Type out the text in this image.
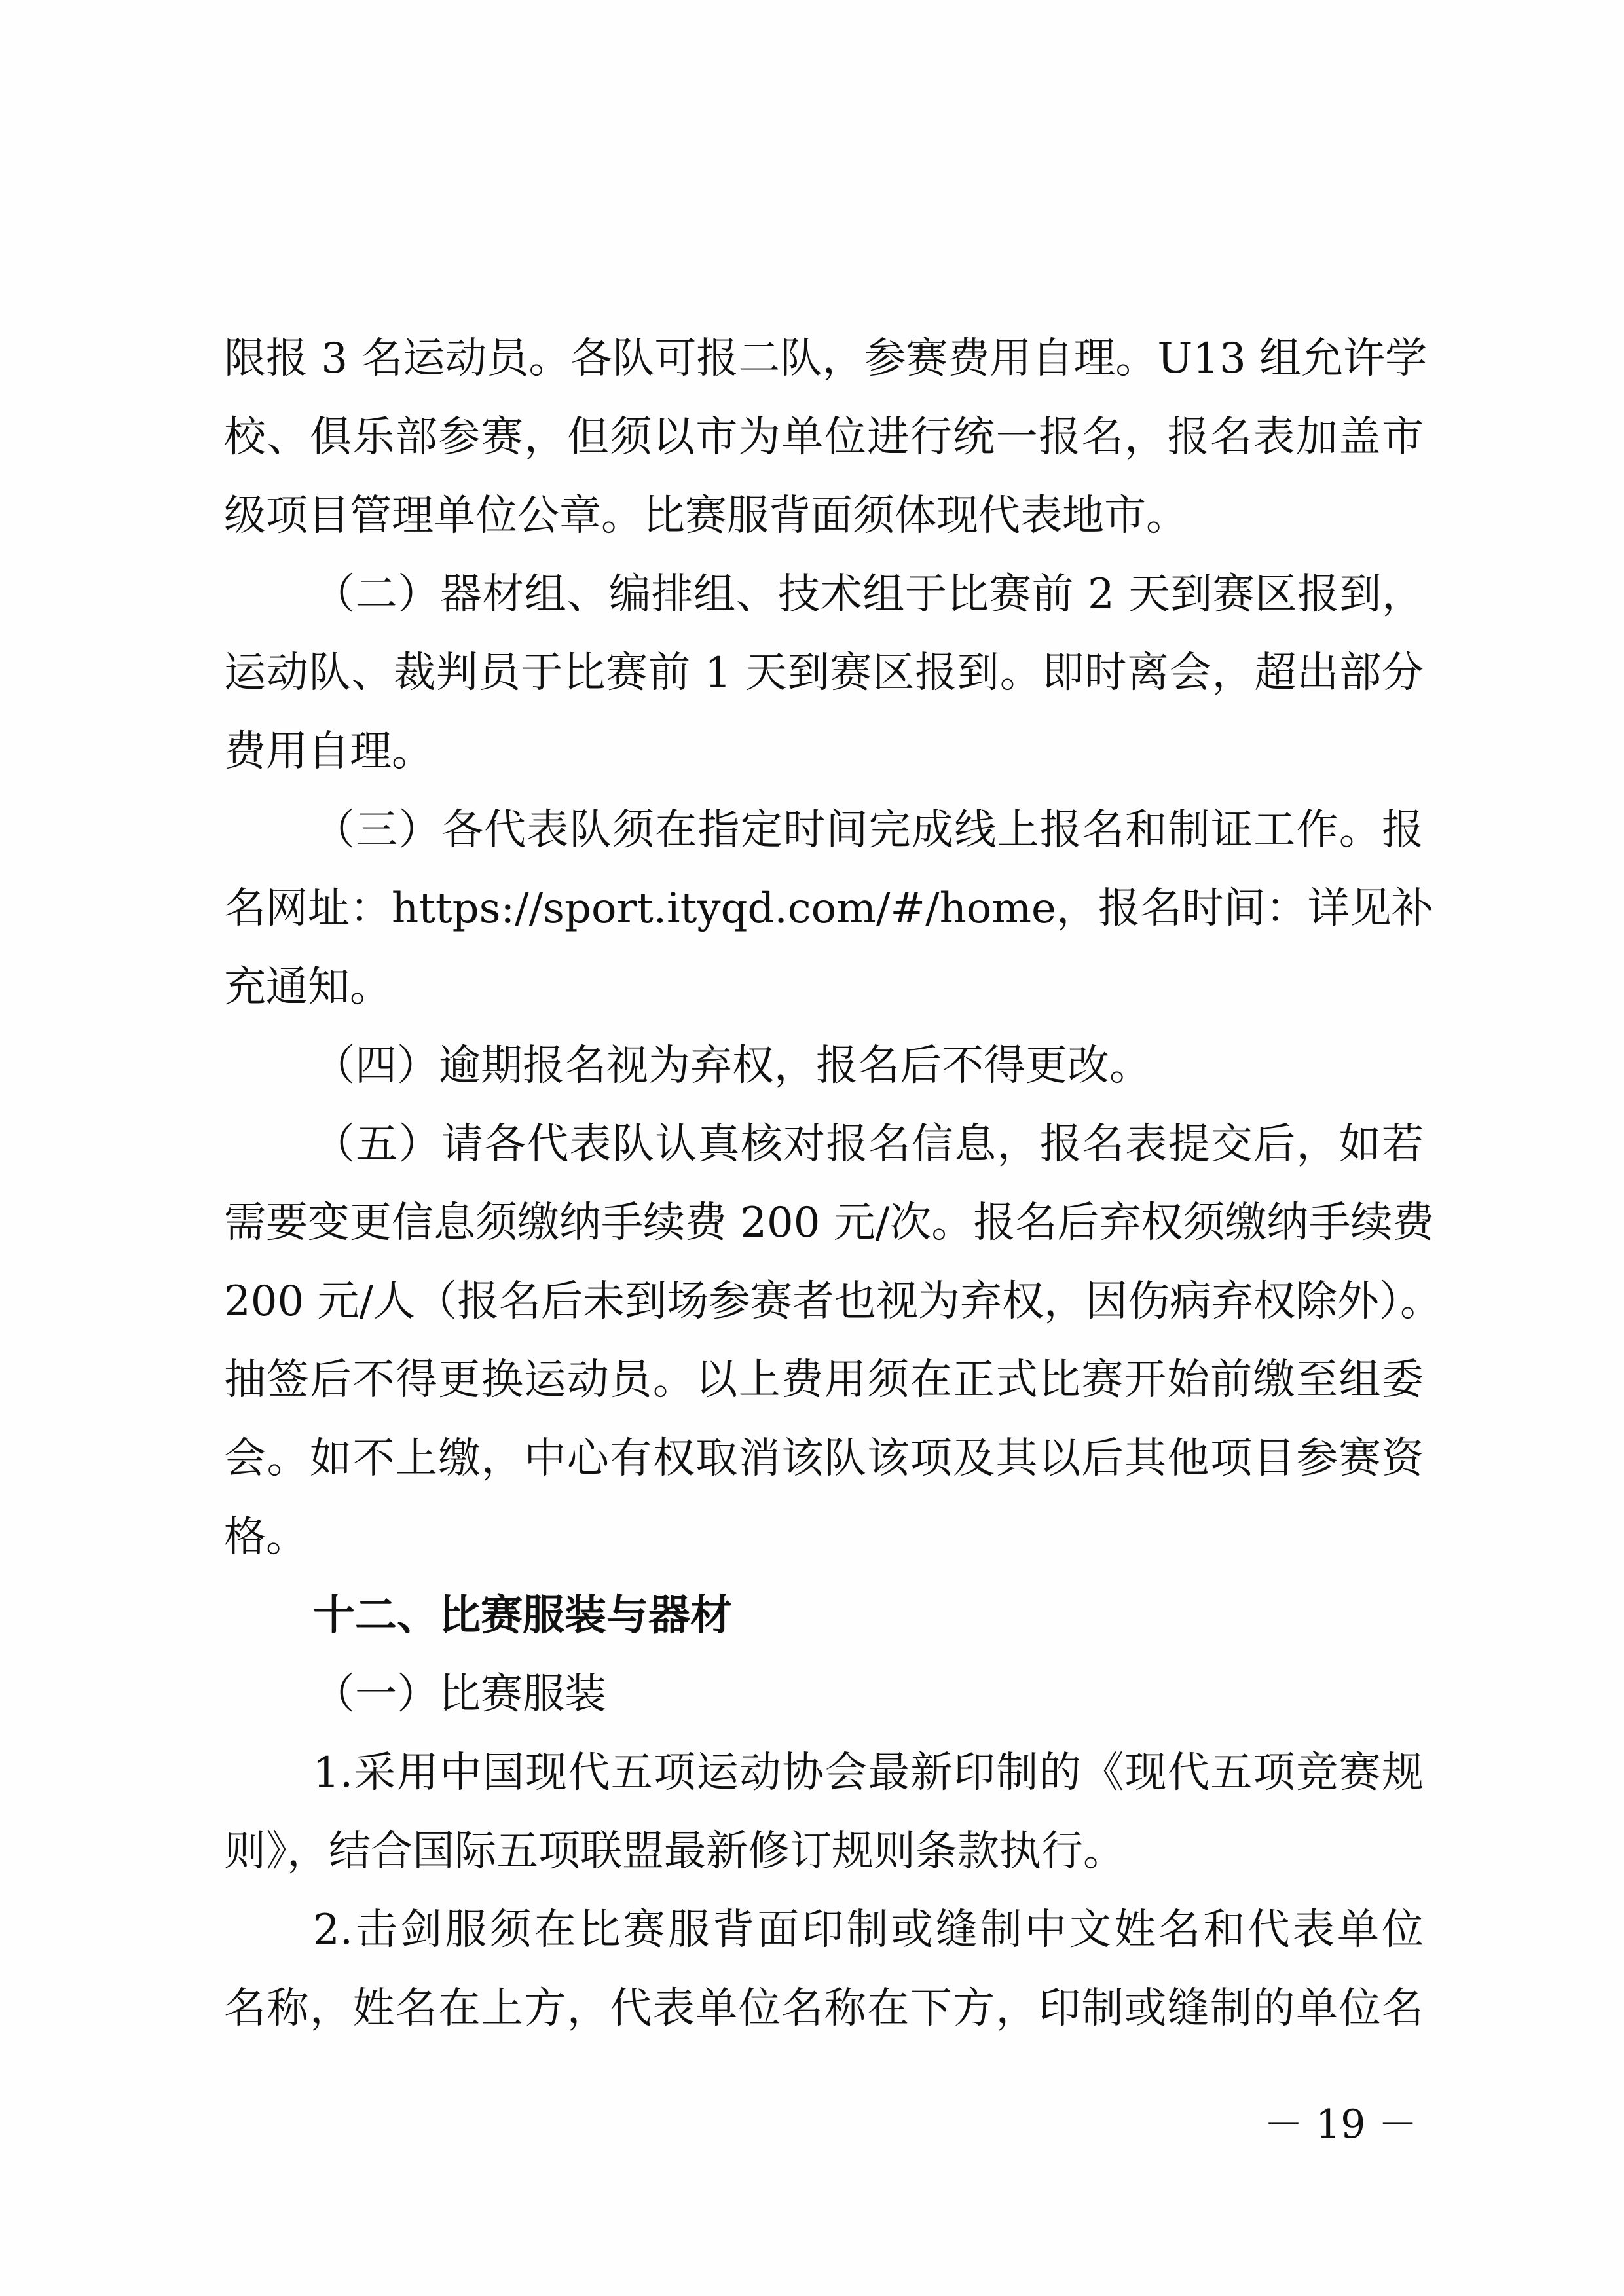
限报 3 名运动员。各队可报二队，参赛费用自理。U13 组允许学
校、俱乐部参赛，但须以市为单位进行统一报名，报名表加盖市
级项目管理单位公章。比赛服背面须体现代表地市。
（二）器材组、编排组、技术组于比赛前 2 天到赛区报到，
运动队、裁判员于比赛前 1 天到赛区报到。即时离会，超出部分
费用自理。
（三）各代表队须在指定时间完成线上报名和制证工作。报
名网址：https://sport.ityqd.com/#/home，报名时间：详见补
充通知。
（四）逾期报名视为弃权，报名后不得更改。
（五）请各代表队认真核对报名信息，报名表提交后，如若
需要变更信息须缴纳手续费 200 元/次。报名后弃权须缴纳手续费
200 元/人（报名后未到场参赛者也视为弃权，因伤病弃权除外）。
抽签后不得更换运动员。以上费用须在正式比赛开始前缴至组委
会。如不上缴，中心有权取消该队该项及其以后其他项目参赛资
格。
十二、比赛服装与器材
（一）比赛服装
1.采用中国现代五项运动协会最新印制的《现代五项竞赛规
则》，结合国际五项联盟最新修订规则条款执行。
2.击剑服须在比赛服背面印制或缝制中文姓名和代表单位
名称，姓名在上方，代表单位名称在下方，印制或缝制的单位名
－ 19 －
